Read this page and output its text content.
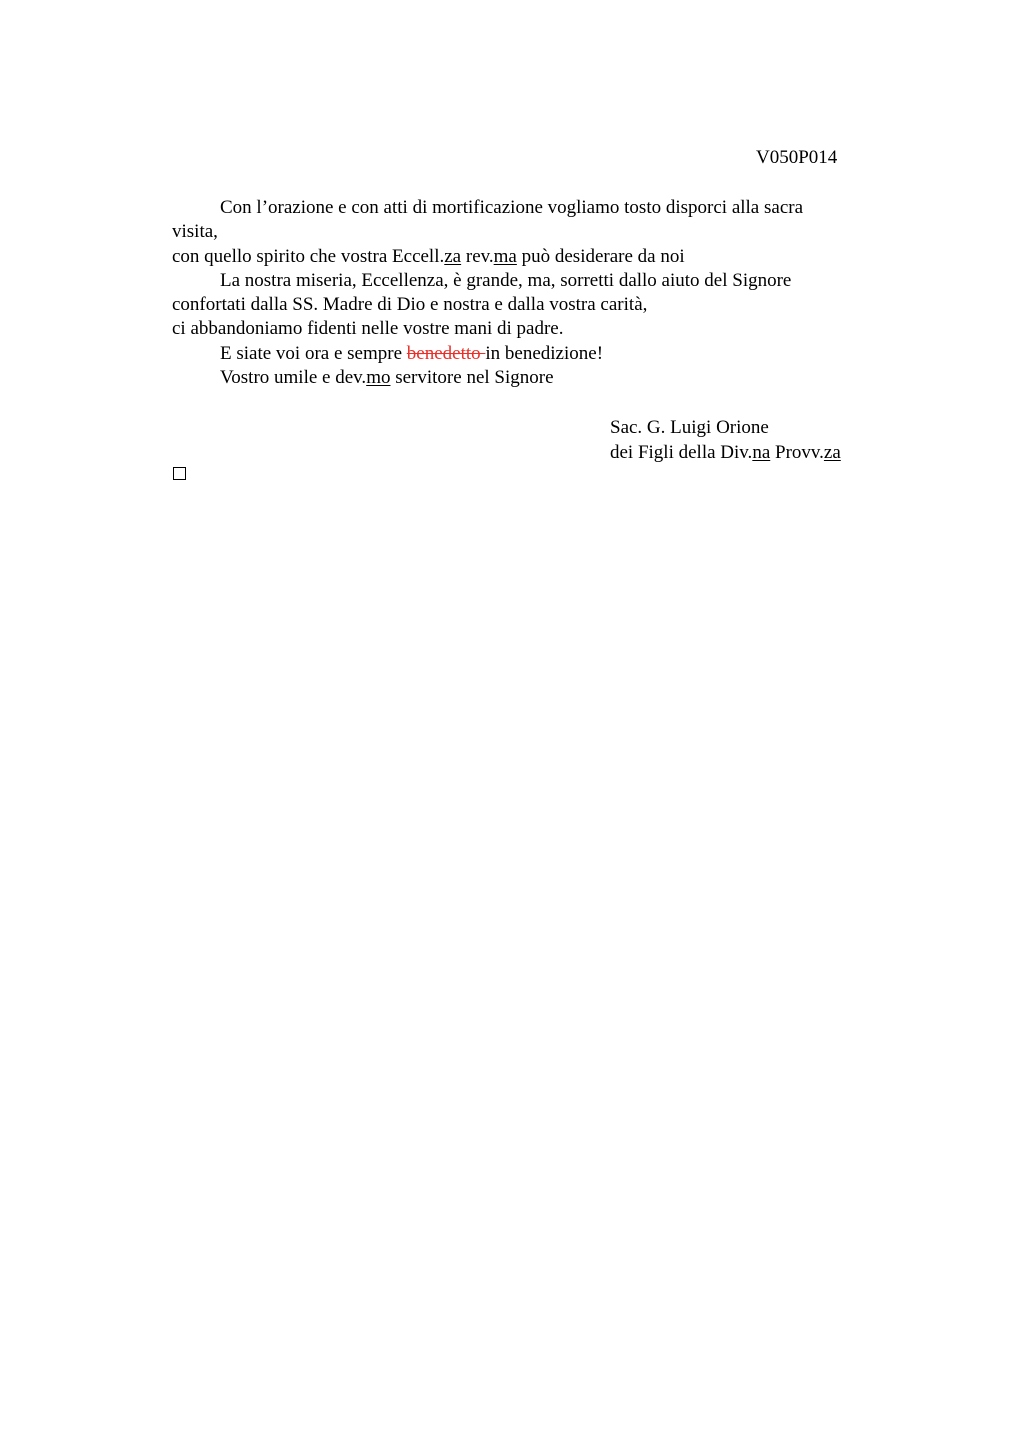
V050P014
Con l’orazione e con atti di mortificazione vogliamo tosto disporci alla sacra
visita,
con quello spirito che vostra Eccell.za rev.ma può desiderare da noi
La nostra miseria, Eccellenza, è grande, ma, sorretti dallo aiuto del Signore
confortati dalla SS. Madre di Dio e nostra e dalla vostra carità,
ci abbandoniamo fidenti nelle vostre mani di padre.
E siate voi ora e sempre benedetto in benedizione!
Vostro umile e dev.mo servitore nel Signore
Sac. G. Luigi Orione
dei Figli della Div.na Provv.za
